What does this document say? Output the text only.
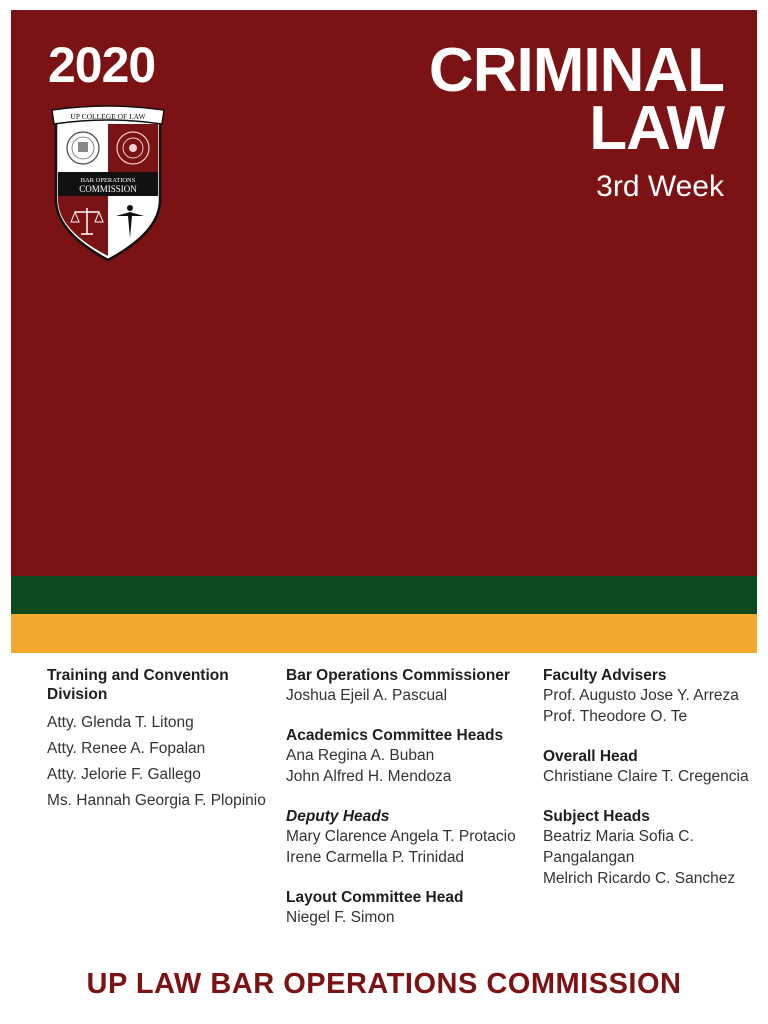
2020	CRIMINAL
LAW
3rd Week
UP COLLEGE OF LAW
BAR OPERATIONS
COMMISSION
Training and Convention Division
Atty. Glenda T. Litong
Atty. Renee A. Fopalan
Atty. Jelorie F. Gallego
Ms. Hannah Georgia F. Plopinio
Bar Operations Commissioner
Joshua Ejeil A. Pascual
Academics Committee Heads
Ana Regina A. Buban
John Alfred H. Mendoza
Deputy Heads
Mary Clarence Angela T. Protacio
Irene Carmella P. Trinidad
Layout Committee Head
Niegel F. Simon
Faculty Advisers
Prof. Augusto Jose Y. Arreza
Prof. Theodore O. Te
Overall Head
Christiane Claire T. Cregencia
Subject Heads
Beatriz Maria Sofia C.
Pangalangan
Melrich Ricardo C. Sanchez
UP LAW BAR OPERATIONS COMMISSION
